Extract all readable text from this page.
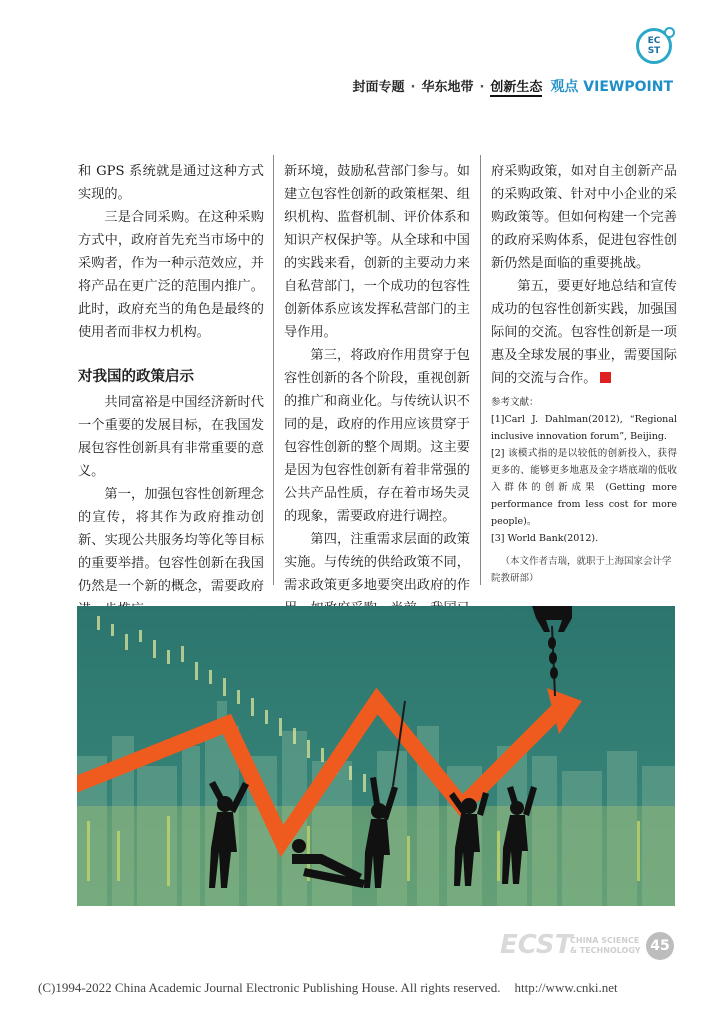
EC
ST
封面专题 · 华东地带 · 创新生态 观点 VIEWPOINT

和 GPS 系统就是通过这种方式实现的。

三是合同采购。在这种采购方式中，政府首先充当市场中的采购者，作为一种示范效应，并将产品在更广泛的范围内推广。此时，政府充当的角色是最终的使用者而非权力机构。

对我国的政策启示

共同富裕是中国经济新时代一个重要的发展目标，在我国发展包容性创新具有非常重要的意义。

第一，加强包容性创新理念的宣传，将其作为政府推动创新、实现公共服务均等化等目标的重要举措。包容性创新在我国仍然是一个新的概念，需要政府

新环境，鼓励私营部门参与。如建立包容性创新的政策框架、组织机构、监督机制、评价体系和知识产权保护等。从全球和中国的实践来看，创新的主要动力来自私营部门，一个成功的包容性创新体系应该发挥私营部门的主导作用。

第三，将政府作用贯穿于包容性创新的各个阶段，重视创新的推广和商业化。与传统认识不同的是，政府的作用应该贯穿于包容性创新的整个周期。这主要是因为包容性创新有着非常强的公共产品性质，存在着市场失灵的现象，需要政府进行调控。

第四，注重需求层面的政策实施。与传统的供给政策不同，需求政策更多地要突出政府的作

府采购政策，如对自主创新产品的采购政策、针对中小企业的采购政策等。但如何构建一个完善的政府采购体系，促进包容性创新仍然是面临的重要挑战。

第五，要更好地总结和宣传成功的包容性创新实践，加强国际间的交流。包容性创新是一项惠及全球发展的事业，需要国际间的交流与合作。

参考文献：
[1]Carl J. Dahlman(2012), “Regional inclusive innovation forum”, Beijing.
[2] 该模式指的是以较低的创新投入，获得更多的、能够更多地惠及金字塔底端的低收入群体的创新成果 (Getting more performance from less cost for more people)。
[3] World Bank(2012).
（本文作者吉瑞，就职于上海国家会计学院教研部）
ECST
CHINA SCIENCE
& TECHNOLOGY 45
(C)1994-2022 China Academic Journal Electronic Publishing House. All rights reserved. http://www.cnki.net
